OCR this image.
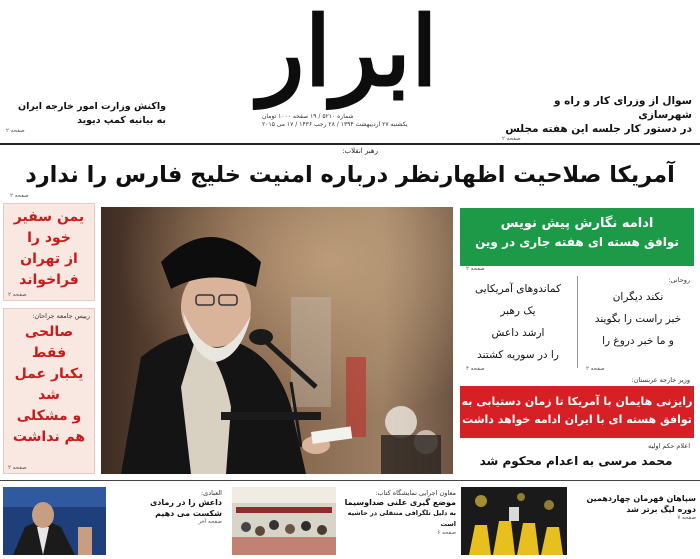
ابرار
شماره ۵۲۱۰ / ۱۹ صفحه ۱۰۰۰ تومان
یکشنبه ۲۷ اردیبهشت ۱۳۹۴ / ۲۸ رجب ۱۴۳۶ / ۱۷ می ۲۰۱۵
سوال از وزرای کار و راه و شهرسازی
در دستور کار جلسه این هفته مجلس
صفحه ۲
واکنش وزارت امور خارجه ایران
به بیانیه کمپ دیوید
صفحه ۲
رهبر انقلاب:
آمریکا صلاحیت اظهارنظر درباره امنیت خلیج فارس را ندارد
صفحه ۲
یمن سفیر
خود را
از تهران
فراخواند
صفحه ۲
رییس جامعه جراحان:
صالحی
فقط
یکبار عمل
شد
و مشکلی
هم نداشت
صفحه ۲
ادامه نگارش پیش نویس
توافق هسته ای هفته جاری در وین
صفحه ۲
روحانی:
نکند دیگران
خبر راست را بگویند
و ما خبر دروغ را
صفحه ۲
کماندوهای آمریکایی
یک رهبر
ارشد داعش
را در سوریه کشتند
صفحه ۴
وزیر خارجه عربستان:
رایزنی هایمان با آمریکا تا زمان دستیابی به
توافق هسته ای با ایران ادامه خواهد داشت
اعلام حکم اولیه
محمد مرسی به اعدام محکوم شد
العبادی:
داعش را در رمادی
شکست می دهیم
صفحه آخر
معاون اجرایی نمایشگاه کتاب:
موضع گیری علنی صداوسیما
به دلیل تلگرافی منتقلی در حاشیه است
صفحه ۶
سپاهان قهرمان چهاردهمین
دوره لیگ برتر شد
صفحه ۷
